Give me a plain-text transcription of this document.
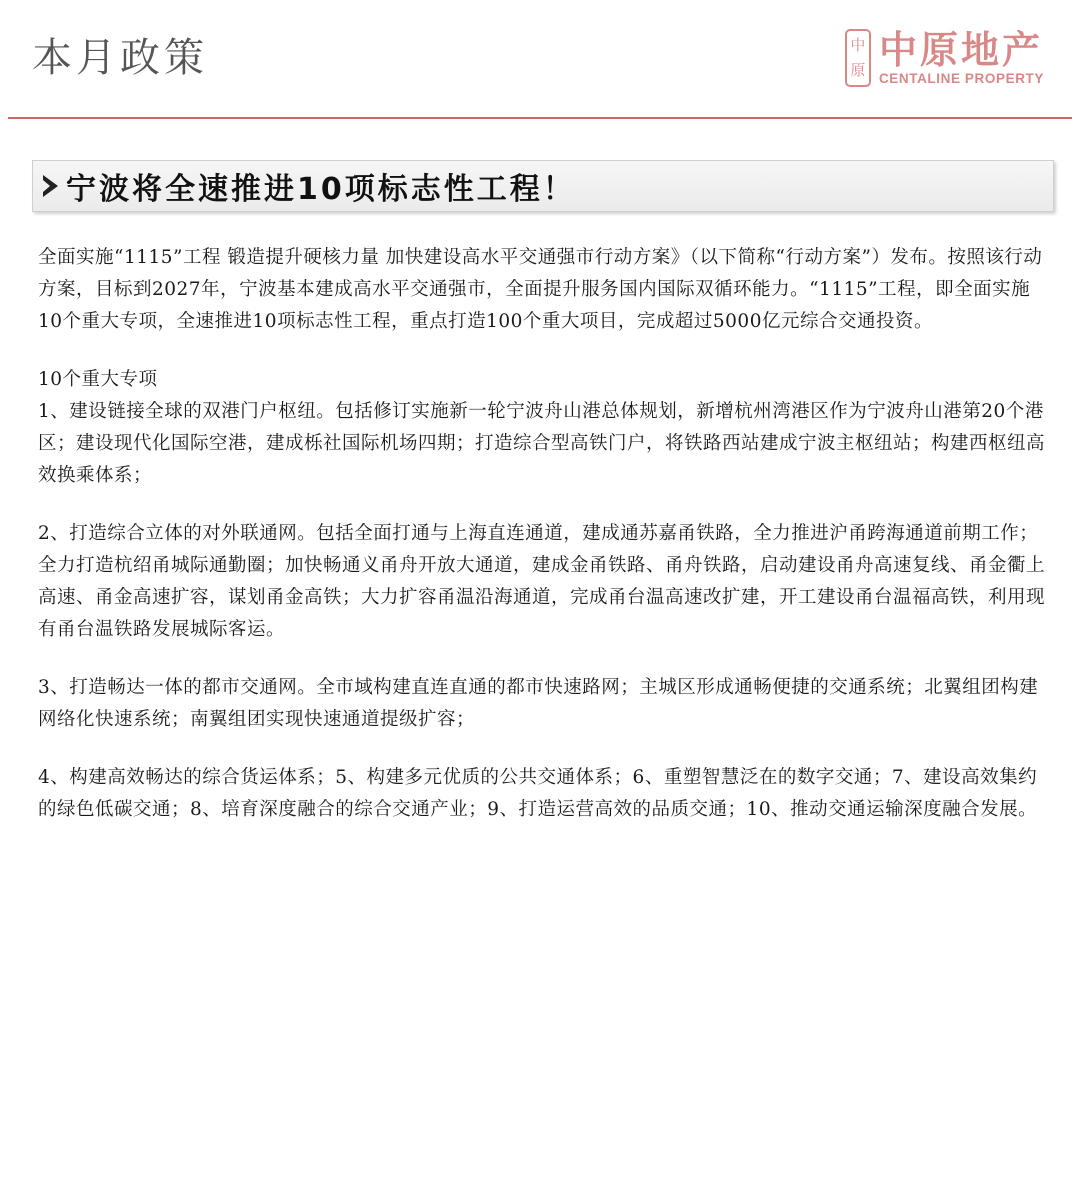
本月政策	中
原 中原地产
CENTALINE PROPERTY
宁波将全速推进10项标志性工程！

全面实施“1115”工程 锻造提升硬核力量 加快建设高水平交通强市行动方案》（以下简称“行动方案”）发布。按照该行动方案，目标到2027年，宁波基本建成高水平交通强市，全面提升服务国内国际双循环能力。“1115”工程，即全面实施10个重大专项，全速推进10项标志性工程，重点打造100个重大项目，完成超过5000亿元综合交通投资。

10个重大专项

1、建设链接全球的双港门户枢纽。包括修订实施新一轮宁波舟山港总体规划，新增杭州湾港区作为宁波舟山港第20个港区；建设现代化国际空港，建成栎社国际机场四期；打造综合型高铁门户，将铁路西站建成宁波主枢纽站；构建西枢纽高效换乘体系；

2、打造综合立体的对外联通网。包括全面打通与上海直连通道，建成通苏嘉甬铁路，全力推进沪甬跨海通道前期工作；全力打造杭绍甬城际通勤圈；加快畅通义甬舟开放大通道，建成金甬铁路、甬舟铁路，启动建设甬舟高速复线、甬金衢上高速、甬金高速扩容，谋划甬金高铁；大力扩容甬温沿海通道，完成甬台温高速改扩建，开工建设甬台温福高铁，利用现有甬台温铁路发展城际客运。

3、打造畅达一体的都市交通网。全市域构建直连直通的都市快速路网；主城区形成通畅便捷的交通系统；北翼组团构建网络化快速系统；南翼组团实现快速通道提级扩容；

4、构建高效畅达的综合货运体系；5、构建多元优质的公共交通体系；6、重塑智慧泛在的数字交通；7、建设高效集约的绿色低碳交通；8、培育深度融合的综合交通产业；9、打造运营高效的品质交通；10、推动交通运输深度融合发展。
